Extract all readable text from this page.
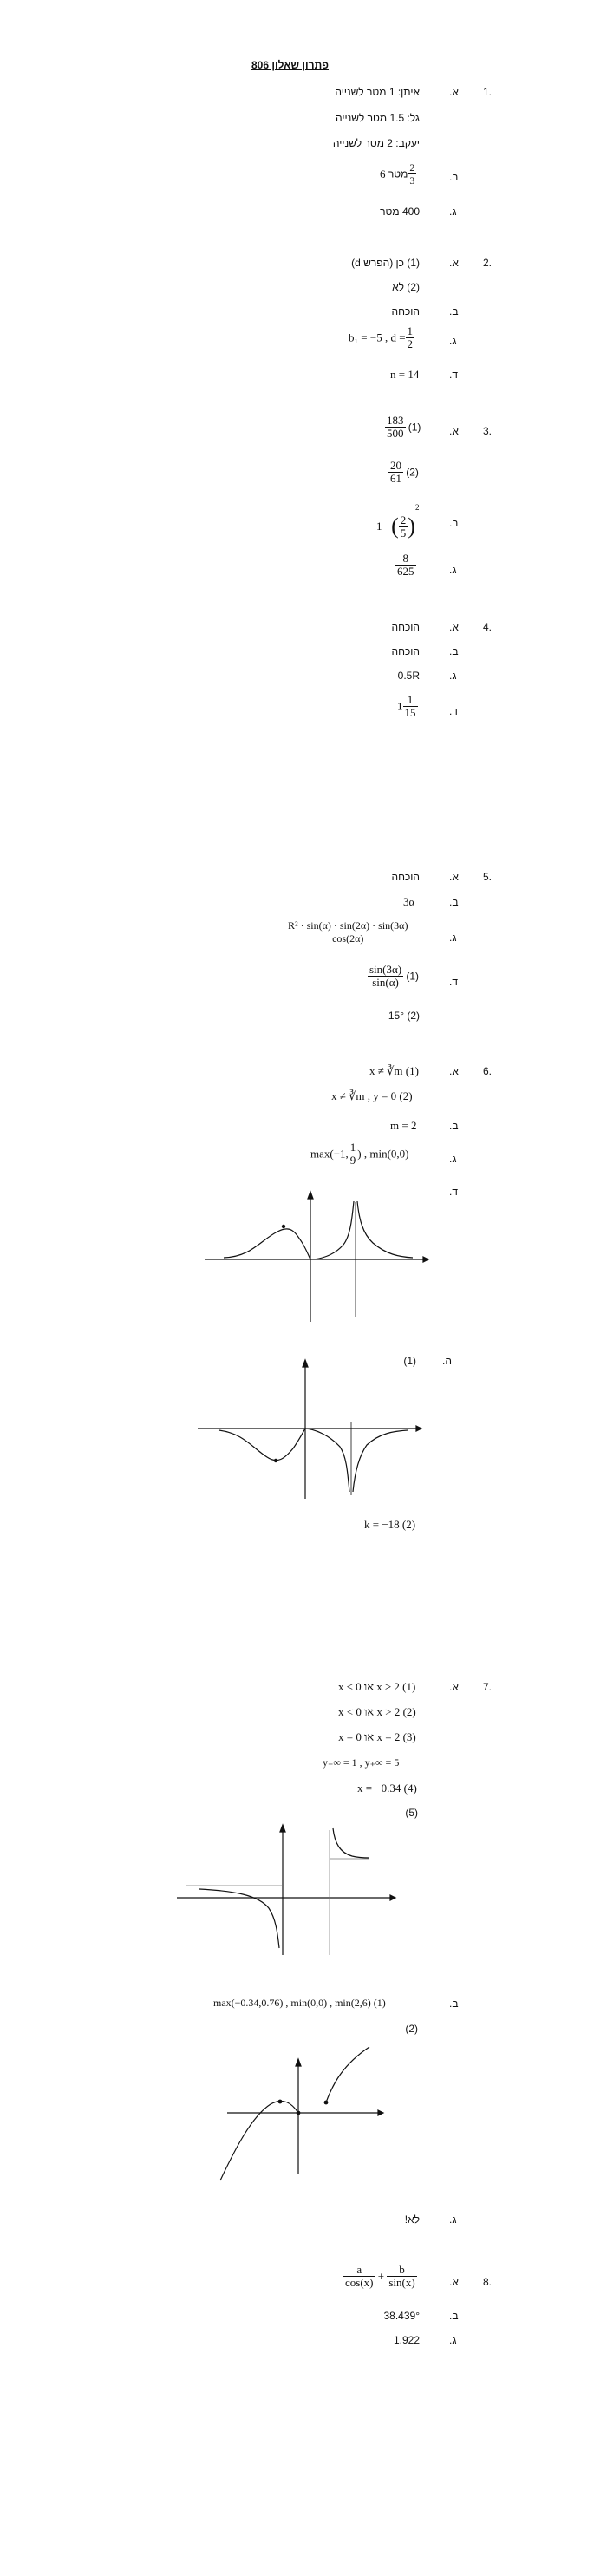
פתרון שאלון 806
1.
א.
איתן: 1 מטר לשנייה
גל: 1.5 מטר לשנייה
יעקב: 2 מטר לשנייה
ב.
מטר $6 \frac{2}{3}$
ג.
400 מטר
2.
א.
(1) כן (הפרש d)
(2) לא
ב.
הוכחה
ג.
b₁ = −5 , $d = \frac{1}{2}$
ד.
n = 14
3.
א.
$\frac{183}{500} (1)$
$\frac{20}{61} (2)$
ב.
1 −( $\frac{2}{5} )^2$
ג.
$\frac{8}{625}$
4.
א.
הוכחה
ב.
הוכחה
ג.
0.5R
ד.
$1 \frac{1}{15}$
5.
א.
הוכחה
ב.
3α
ג.
$\frac{\text{R² · sin(α) · sin(2α) · sin(3α)}}{\cos(2\alpha)}$
ד.
$\frac{\sin(3\alpha)}{\sin(\alpha)} (1)$
15° (2)
6.
א.
x ≠ ∛m (1)
x ≠ ∛m , y = 0 (2)
ב.
m = 2
ג.
max(−1, $\frac{1}{9}$ ) , min(0,0)
ד.
ה.
(1)
k = −18 (2)
7.
א.
x ≤ 0 או x ≥ 2 (1)
x < 0 או x > 2 (2)
x = 0 או x = 2 (3)
y₋∞ = 1 , y₊∞ = 5
x = −0.34 (4)
(5)
ב.
max(−0.34,0.76) , min(0,0) , min(2,6) (1)
(2)
ג.
לא!
8.
א.
$\frac{a}{\cos(x)} + \frac{b}{\sin(x)}$
ב.
38.439°
ג.
1.922
